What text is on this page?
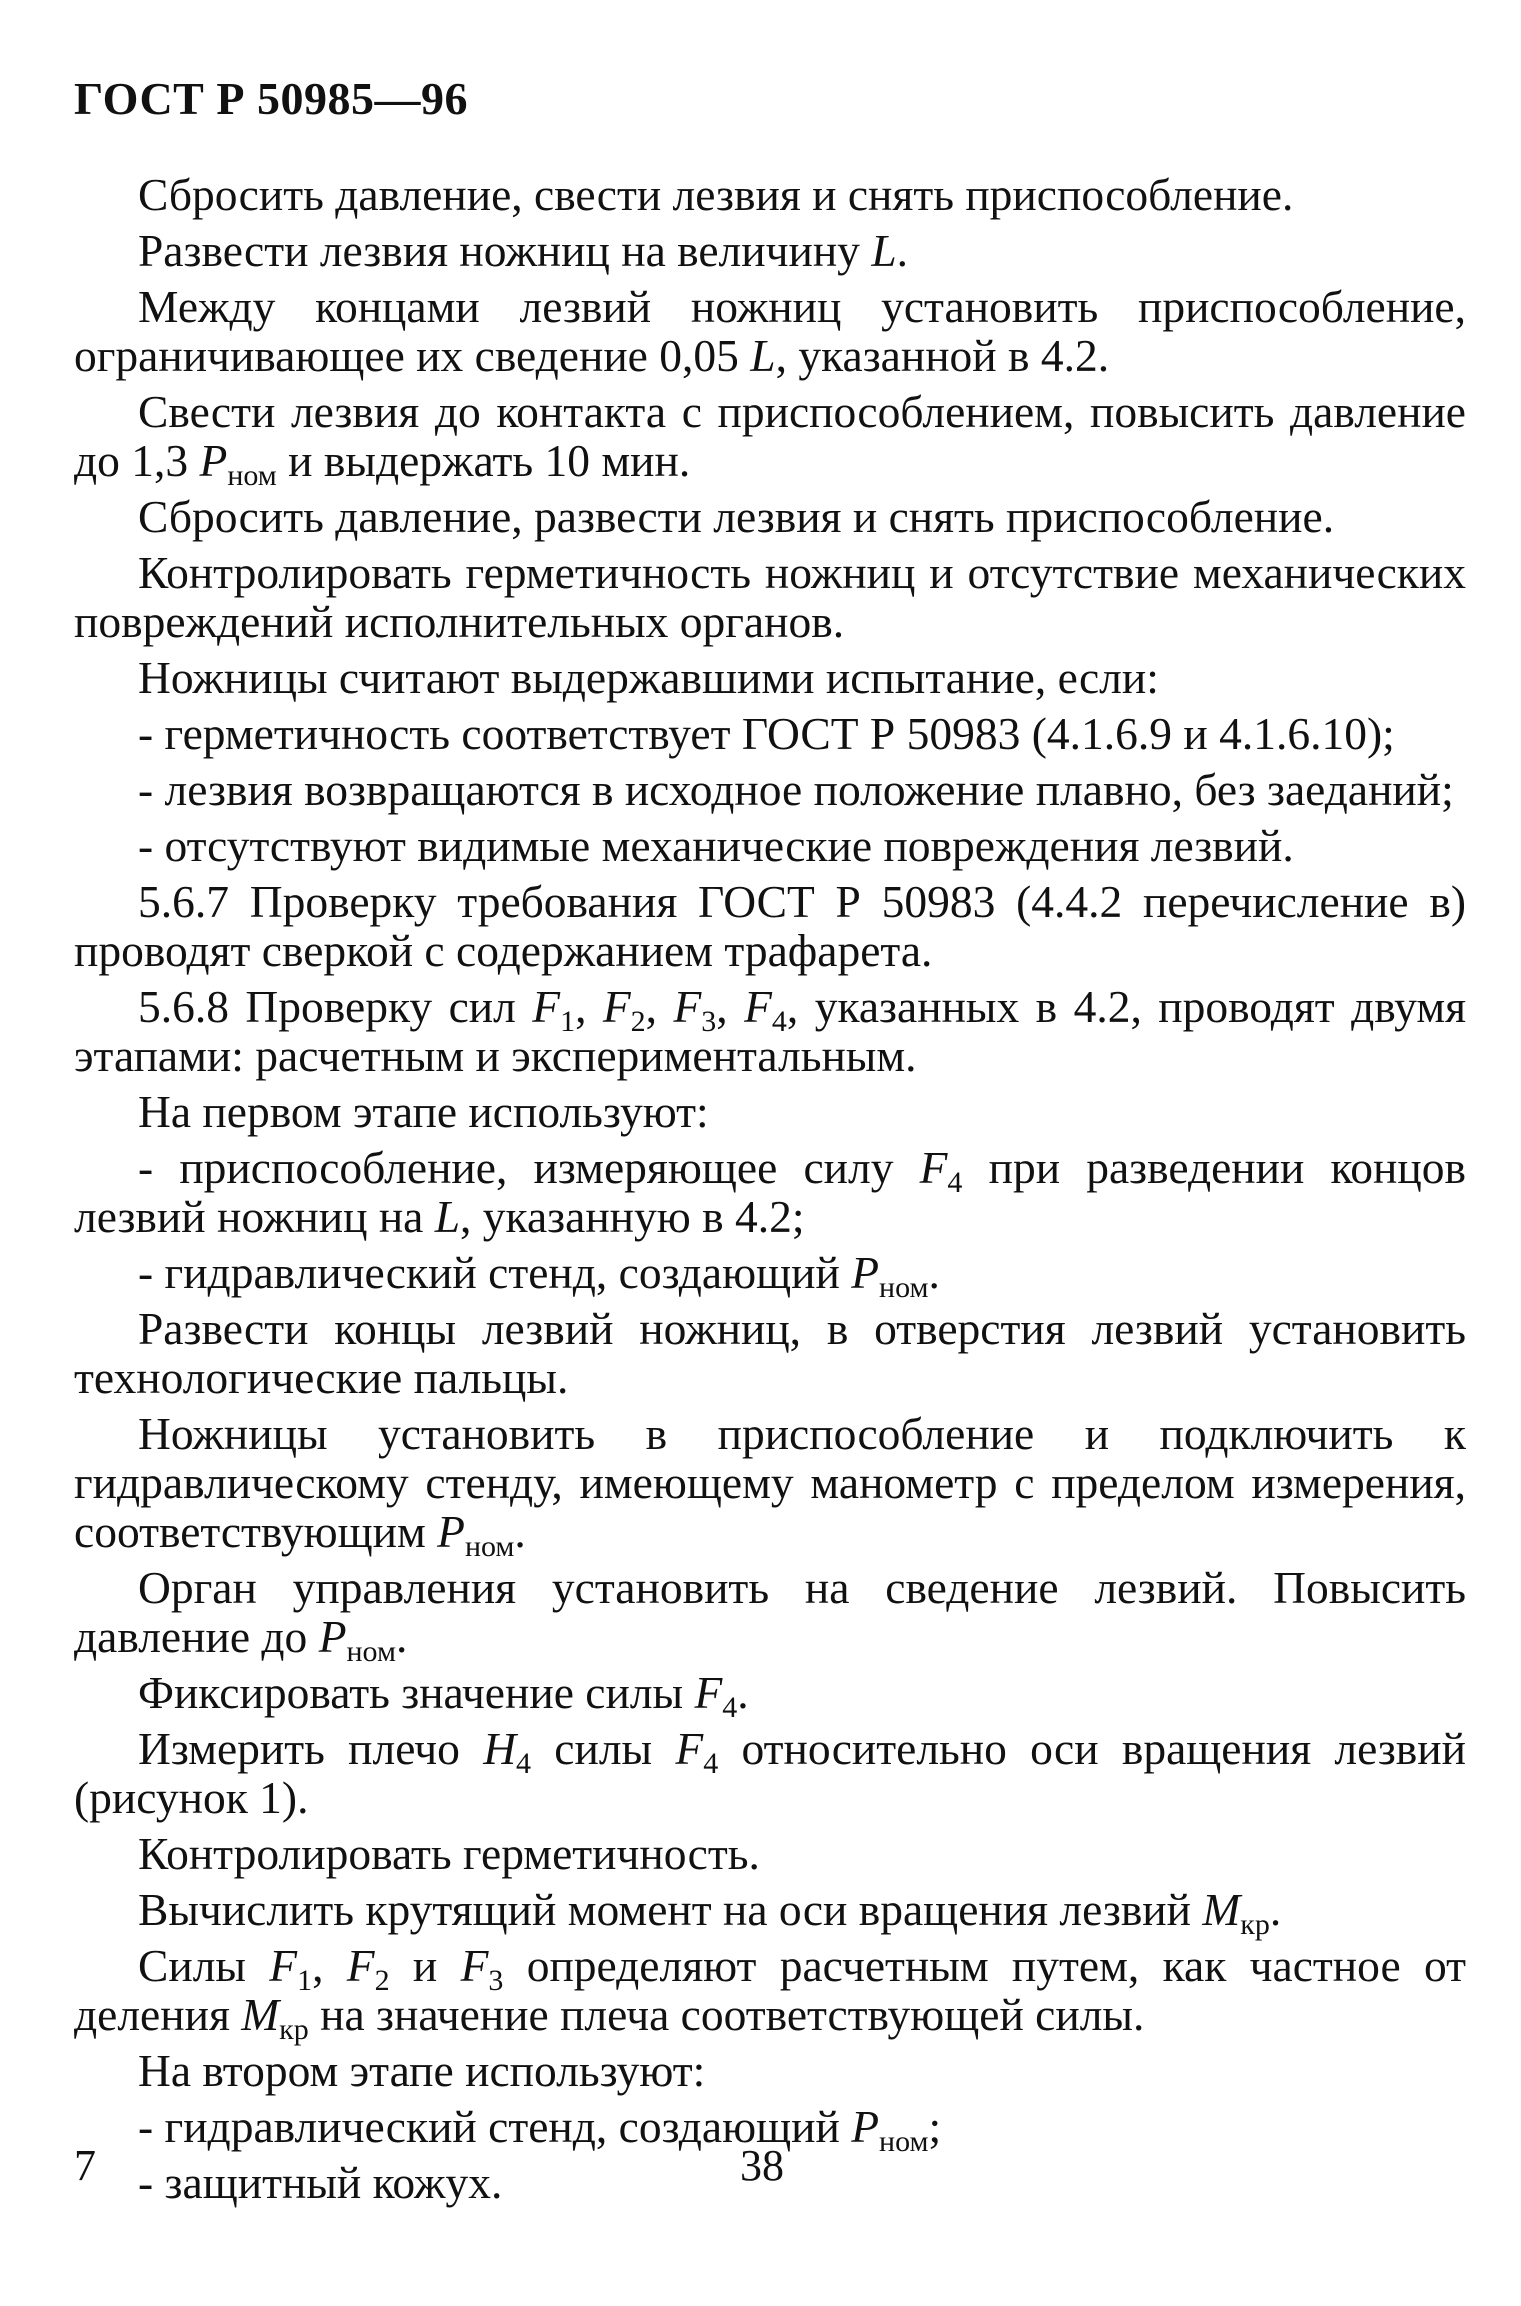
ГОСТ Р 50985—96

Сбросить давление, свести лезвия и снять приспособление.

Развести лезвия ножниц на величину L.

Между концами лезвий ножниц установить приспособление, ограничивающее их сведение 0,05 L, указанной в 4.2.

Свести лезвия до контакта с приспособлением, повысить давление до 1,3 $P_{ном}$ и выдержать 10 мин.

Сбросить давление, развести лезвия и снять приспособление.

Контролировать герметичность ножниц и отсутствие механических повреждений исполнительных органов.

Ножницы считают выдержавшими испытание, если:

- герметичность соответствует ГОСТ Р 50983 (4.1.6.9 и 4.1.6.10);

- лезвия возвращаются в исходное положение плавно, без заеданий;

- отсутствуют видимые механические повреждения лезвий.

5.6.7 Проверку требования ГОСТ Р 50983 (4.4.2 перечисление в) проводят сверкой с содержанием трафарета.

5.6.8 Проверку сил $F_1$, $F_2$, $F_3$, $F_4$, указанных в 4.2, проводят двумя этапами: расчетным и экспериментальным.

На первом этапе используют:

- приспособление, измеряющее силу $F_4$ при разведении концов лезвий ножниц на L, указанную в 4.2;

- гидравлический стенд, создающий $P_{ном}$.

Развести концы лезвий ножниц, в отверстия лезвий установить технологические пальцы.

Ножницы установить в приспособление и подключить к гидравлическому стенду, имеющему манометр с пределом измерения, соответствующим $P_{ном}$.

Орган управления установить на сведение лезвий. Повысить давление до $P_{ном}$.

Фиксировать значение силы $F_4$.

Измерить плечо $H_4$ силы $F_4$ относительно оси вращения лезвий (рисунок 1).

Контролировать герметичность.

Вычислить крутящий момент на оси вращения лезвий $M_{кр}$.

Силы $F_1$, $F_2$ и $F_3$ определяют расчетным путем, как частное от деления $M_{кр}$ на значение плеча соответствующей силы.

На втором этапе используют:

- гидравлический стенд, создающий $P_{ном}$;

- защитный кожух.

7	38
